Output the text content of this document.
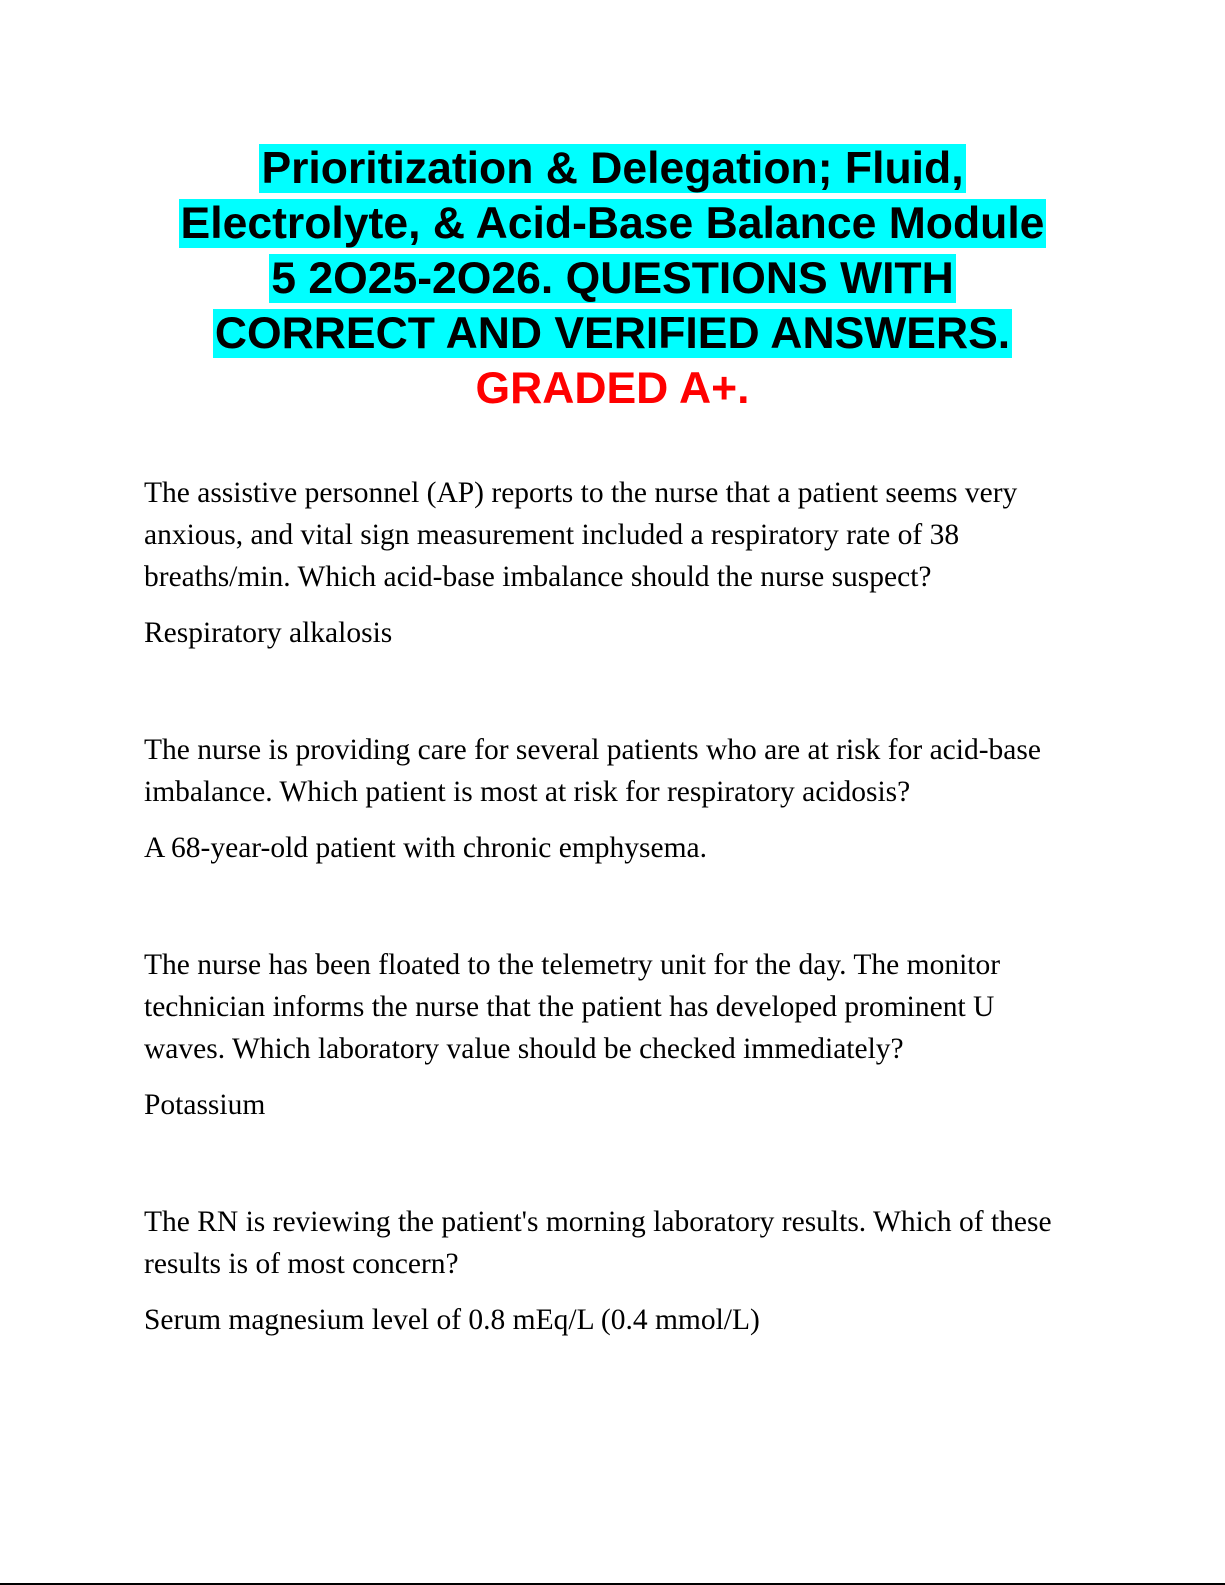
Prioritization & Delegation; Fluid,
Electrolyte, & Acid-Base Balance Module
5 2O25-2O26. QUESTIONS WITH
CORRECT AND VERIFIED ANSWERS.
GRADED A+.

The assistive personnel (AP) reports to the nurse that a patient seems very anxious, and vital sign measurement included a respiratory rate of 38 breaths/min. Which acid-base imbalance should the nurse suspect?

Respiratory alkalosis

The nurse is providing care for several patients who are at risk for acid-base imbalance. Which patient is most at risk for respiratory acidosis?

A 68-year-old patient with chronic emphysema.

The nurse has been floated to the telemetry unit for the day. The monitor technician informs the nurse that the patient has developed prominent U waves. Which laboratory value should be checked immediately?

Potassium

The RN is reviewing the patient's morning laboratory results. Which of these results is of most concern?

Serum magnesium level of 0.8 mEq/L (0.4 mmol/L)
